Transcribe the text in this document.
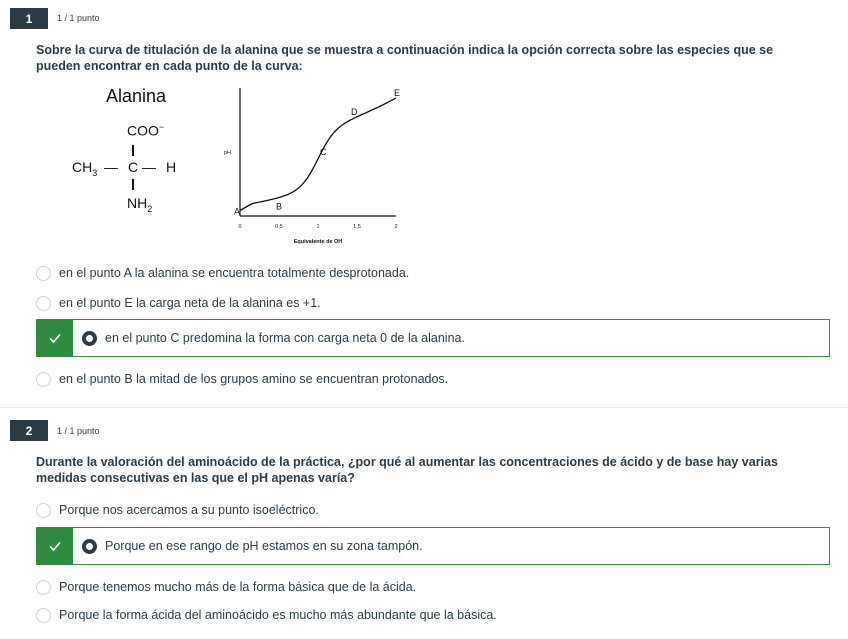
1	1 / 1 punto
Sobre la curva de titulación de la alanina que se muestra a continuación indica la opción correcta sobre las especies que se pueden encontrar en cada punto de la curva:
Alanina
COO−
$CH_3$ — C — H
$NH_2$
pH
Equivalente de OH
0	0,5	1	1,5	2
A	B
C
D
E
en el punto A la alanina se encuentra totalmente desprotonada.
en el punto E la carga neta de la alanina es +1.
en el punto C predomina la forma con carga neta 0 de la alanina.
en el punto B la mitad de los grupos amino se encuentran protonados.
2	1 / 1 punto
Durante la valoración del aminoácido de la práctica, ¿por qué al aumentar las concentraciones de ácido y de base hay varias medidas consecutivas en las que el pH apenas varía?
Porque nos acercamos a su punto isoeléctrico.
Porque en ese rango de pH estamos en su zona tampón.
Porque tenemos mucho más de la forma básica que de la ácida.
Porque la forma ácida del aminoácido es mucho más abundante que la básica.
